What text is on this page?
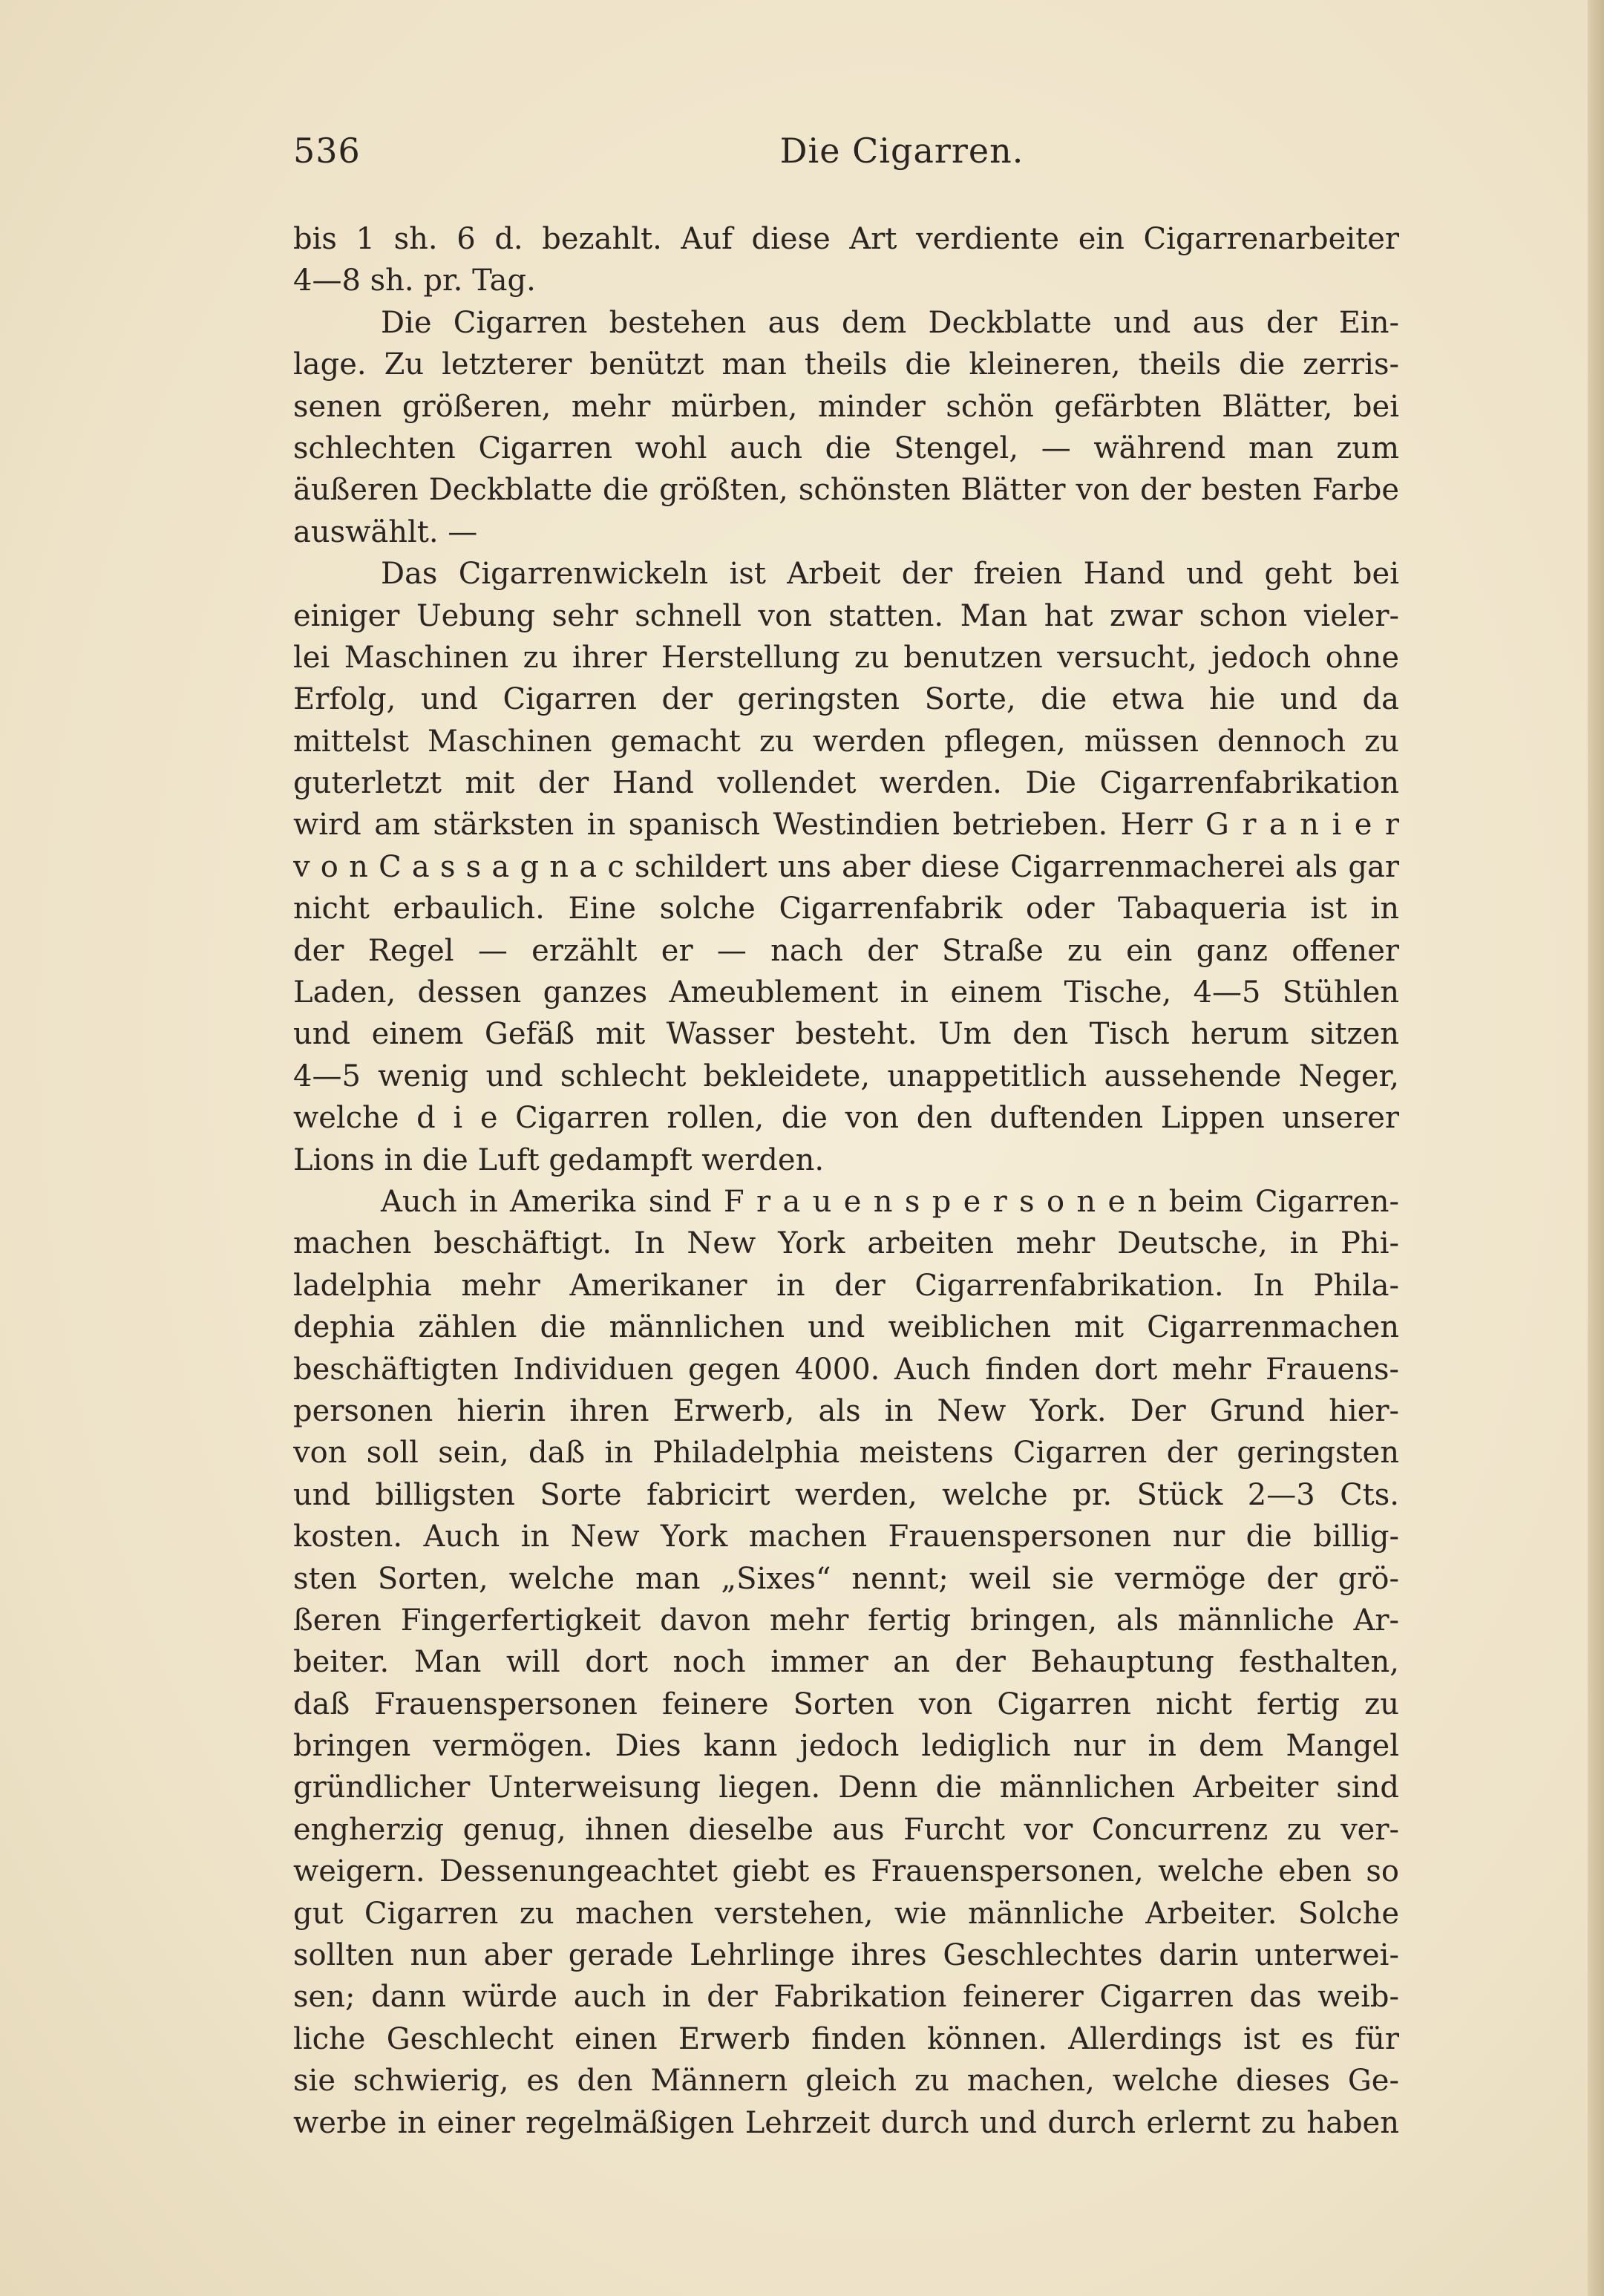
536	Die Cigarren.
bis 1 sh. 6 d. bezahlt. Auf diese Art verdiente ein Cigarrenarbeiter
4—8 sh. pr. Tag.
Die Cigarren bestehen aus dem Deckblatte und aus der Ein-
lage. Zu letzterer benützt man theils die kleineren, theils die zerris-
senen größeren, mehr mürben, minder schön gefärbten Blätter, bei
schlechten Cigarren wohl auch die Stengel, — während man zum
äußeren Deckblatte die größten, schönsten Blätter von der besten Farbe
auswählt. —
Das Cigarrenwickeln ist Arbeit der freien Hand und geht bei
einiger Uebung sehr schnell von statten. Man hat zwar schon vieler-
lei Maschinen zu ihrer Herstellung zu benutzen versucht, jedoch ohne
Erfolg, und Cigarren der geringsten Sorte, die etwa hie und da
mittelst Maschinen gemacht zu werden pflegen, müssen dennoch zu
guterletzt mit der Hand vollendet werden. Die Cigarrenfabrikation
wird am stärksten in spanisch Westindien betrieben. Herr G r a n i e r
v o n C a s s a g n a c schildert uns aber diese Cigarrenmacherei als gar
nicht erbaulich. Eine solche Cigarrenfabrik oder Tabaqueria ist in
der Regel — erzählt er — nach der Straße zu ein ganz offener
Laden, dessen ganzes Ameublement in einem Tische, 4—5 Stühlen
und einem Gefäß mit Wasser besteht. Um den Tisch herum sitzen
4—5 wenig und schlecht bekleidete, unappetitlich aussehende Neger,
welche d i e Cigarren rollen, die von den duftenden Lippen unserer
Lions in die Luft gedampft werden.
Auch in Amerika sind F r a u e n s p e r s o n e n beim Cigarren-
machen beschäftigt. In New York arbeiten mehr Deutsche, in Phi-
ladelphia mehr Amerikaner in der Cigarrenfabrikation. In Phila-
dephia zählen die männlichen und weiblichen mit Cigarrenmachen
beschäftigten Individuen gegen 4000. Auch finden dort mehr Frauens-
personen hierin ihren Erwerb, als in New York. Der Grund hier-
von soll sein, daß in Philadelphia meistens Cigarren der geringsten
und billigsten Sorte fabricirt werden, welche pr. Stück 2—3 Cts.
kosten. Auch in New York machen Frauenspersonen nur die billig-
sten Sorten, welche man „Sixes“ nennt; weil sie vermöge der grö-
ßeren Fingerfertigkeit davon mehr fertig bringen, als männliche Ar-
beiter. Man will dort noch immer an der Behauptung festhalten,
daß Frauenspersonen feinere Sorten von Cigarren nicht fertig zu
bringen vermögen. Dies kann jedoch lediglich nur in dem Mangel
gründlicher Unterweisung liegen. Denn die männlichen Arbeiter sind
engherzig genug, ihnen dieselbe aus Furcht vor Concurrenz zu ver-
weigern. Dessenungeachtet giebt es Frauenspersonen, welche eben so
gut Cigarren zu machen verstehen, wie männliche Arbeiter. Solche
sollten nun aber gerade Lehrlinge ihres Geschlechtes darin unterwei-
sen; dann würde auch in der Fabrikation feinerer Cigarren das weib-
liche Geschlecht einen Erwerb finden können. Allerdings ist es für
sie schwierig, es den Männern gleich zu machen, welche dieses Ge-
werbe in einer regelmäßigen Lehrzeit durch und durch erlernt zu haben
